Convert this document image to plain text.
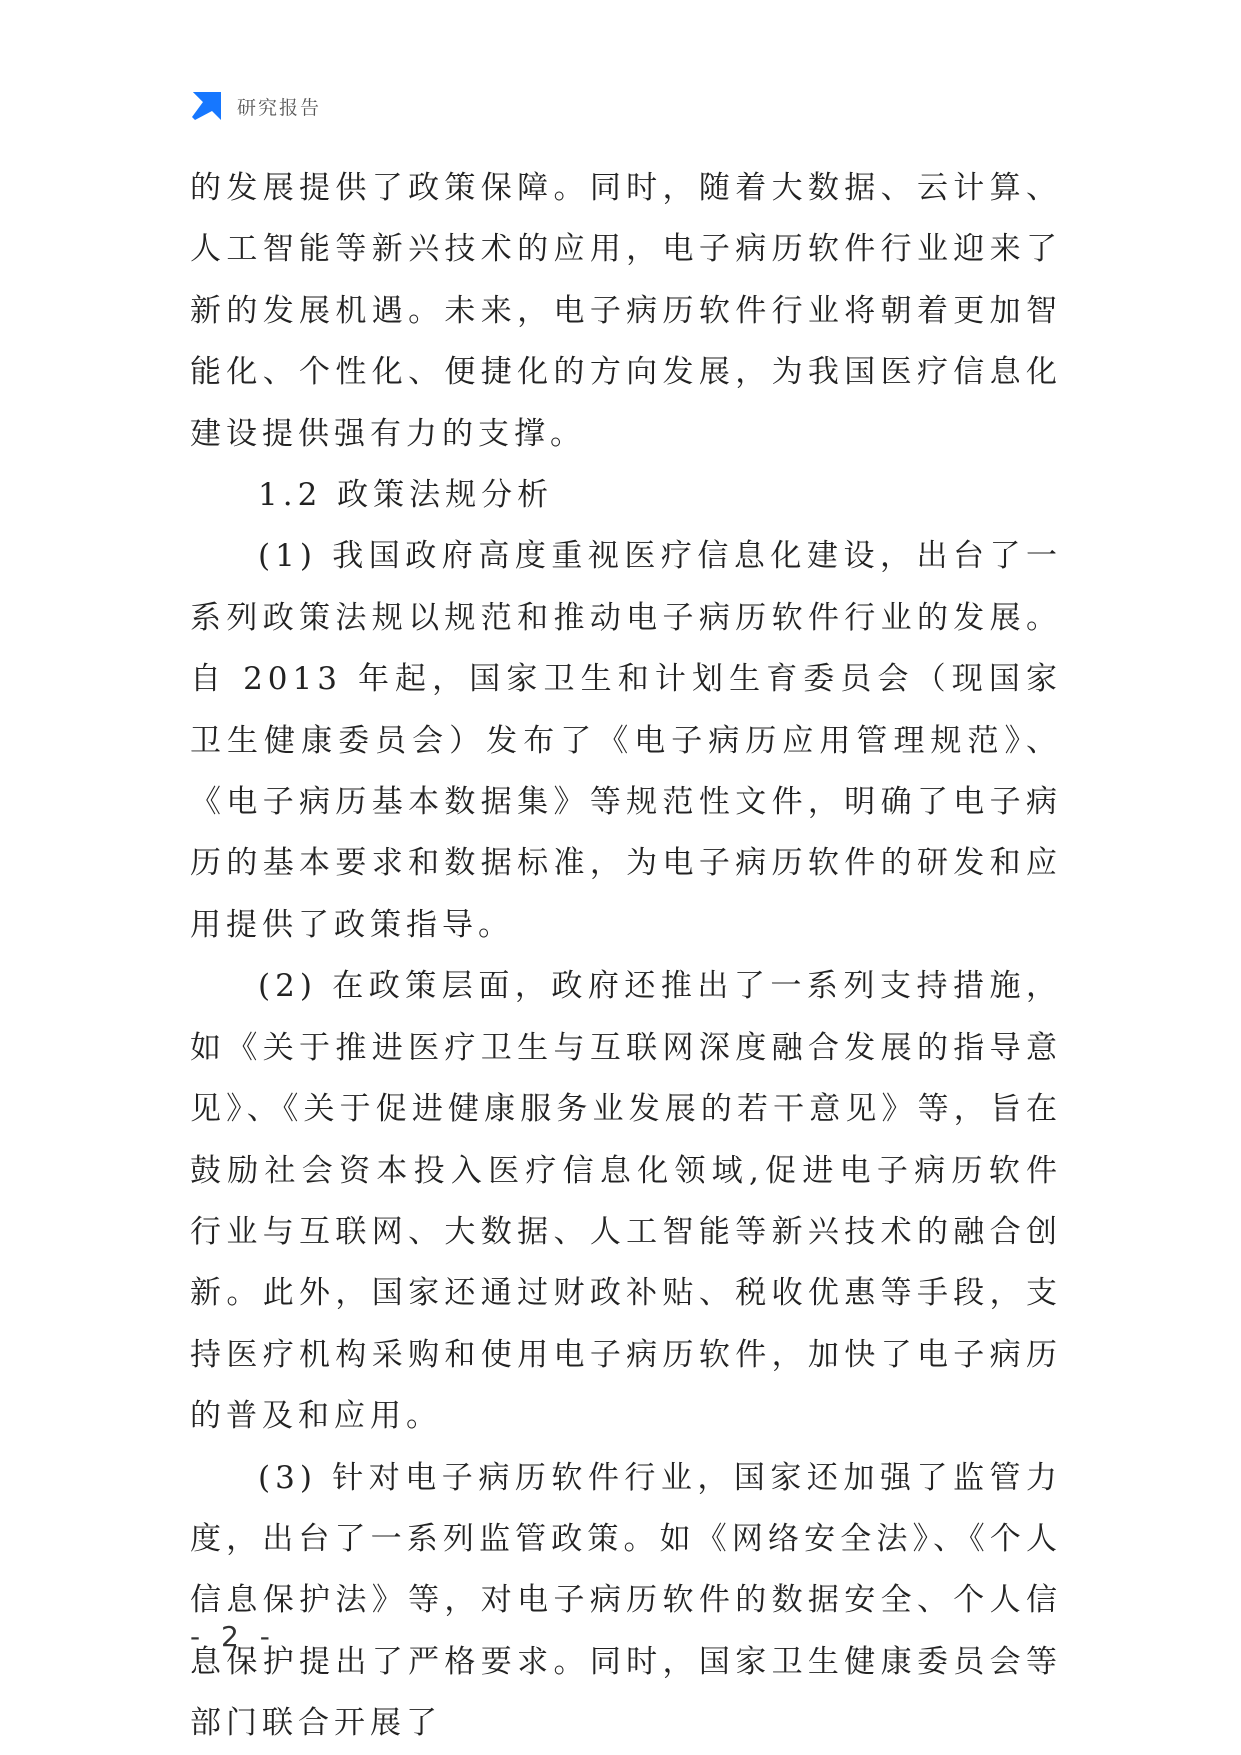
研究报告

的发展提供了政策保障。同时，随着大数据、云计算、人工智能等新兴技术的应用，电子病历软件行业迎来了新的发展机遇。未来，电子病历软件行业将朝着更加智能化、个性化、便捷化的方向发展，为我国医疗信息化建设提供强有力的支撑。

1.2 政策法规分析

(1) 我国政府高度重视医疗信息化建设，出台了一系列政策法规以规范和推动电子病历软件行业的发展。自 2013 年起，国家卫生和计划生育委员会（现国家卫生健康委员会）发布了《电子病历应用管理规范》、《电子病历基本数据集》等规范性文件，明确了电子病历的基本要求和数据标准，为电子病历软件的研发和应用提供了政策指导。

(2) 在政策层面，政府还推出了一系列支持措施，如《关于推进医疗卫生与互联网深度融合发展的指导意见》、《关于促进健康服务业发展的若干意见》等，旨在鼓励社会资本投入医疗信息化领域,促进电子病历软件行业与互联网、大数据、人工智能等新兴技术的融合创新。此外，国家还通过财政补贴、税收优惠等手段，支持医疗机构采购和使用电子病历软件，加快了电子病历的普及和应用。

(3) 针对电子病历软件行业，国家还加强了监管力度，出台了一系列监管政策。如《网络安全法》、《个人信息保护法》等，对电子病历软件的数据安全、个人信息保护提出了严格要求。同时，国家卫生健康委员会等部门联合开展了

- 2 -
